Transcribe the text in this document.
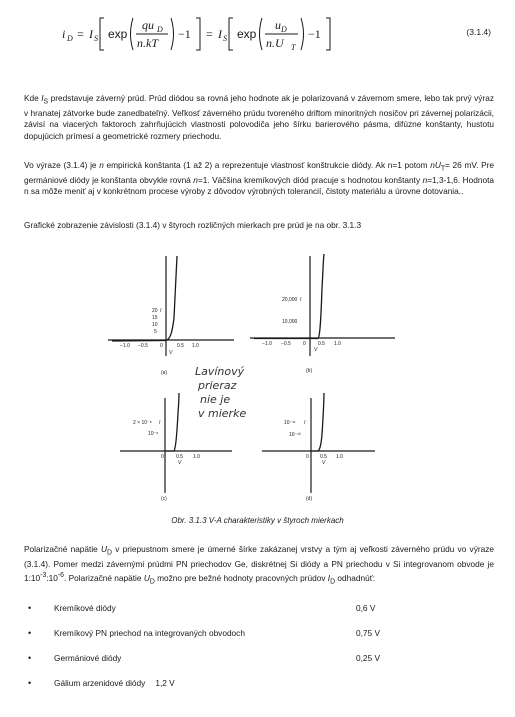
i D = I S exp
qu D
n.kT
−1 = I S exp
u D
n.U T
−1	(3.1.4)

Kde $I_S$ predstavuje záverný prúd. Prúd diódou sa rovná jeho hodnote ak je polarizovaná v závernom smere, lebo tak prvý výraz v hranatej zátvorke bude zanedbateľný. Veľkosť záverného prúdu tvoreného driftom minoritných nosičov pri závernej polarizácii, závisí na viacerých faktoroch zahrňujúcich vlastnosti polovodiča jeho šírku barierového pásma, difúzne konštanty, hustotu dopujúcich prímesí a geometrické rozmery priechodu.

Vo výraze (3.1.4) je n empirická konštanta (1 až 2) a reprezentuje vlastnosť konštrukcie diódy. Ak n=1 potom $nU_T= 26$ mV. Pre germániové diódy je konštanta obvykle rovná n=1. Väčšina kremíkových diód pracuje s hodnotou konštanty n=1,3-1,6. Hodnota n sa môže meniť aj v konkrétnom procese výroby z dôvodov výrobných tolerancií, čistoty materiálu a úrovne dotovania..

Grafické zobrazenie závislosti (3.1.4) v štyroch rozličných mierkach pre prúd je na obr. 3.1.3

20
15
10
5
I
−1.0 −0.5 0	0.5 1.0
V
(a)
20,000
10,000
I
−1.0 −0.5 0 0.5 1.0
V
(b)
Lavínový
prieraz
nie je
v mierke
2 × 10⁻⁸
10⁻⁸
I
0 0.5 1.0
V
(c)
10⁻¹¹
10⁻¹³
I
0 0.5 1.0
V
(d)
Obr. 3.1.3 V-A charakteristiky v štyroch mierkach

Polarizačné napätie $U_D$ v priepustnom smere je úmerné šírke zakázanej vrstvy a tým aj veľkosti záverného prúdu vo výraze (3.1.4). Pomer medzi závernými prúdmi PN priechodov Ge, diskrétnej Si diódy a PN priechodu v Si integrovanom obvode je $1:10^{-3}:10^{-6}$. Polarizačné napätie $U_D$ možno pre bežné hodnoty pracovných prúdov $I_D$ odhadnúť:

•	Kremíkové diódy	0,6 V
•	Kremíkový PN priechod na integrovaných obvodoch	0,75 V
•	Germániové diódy	0,25 V
•	Gálium arzenidové diódy 1,2 V
